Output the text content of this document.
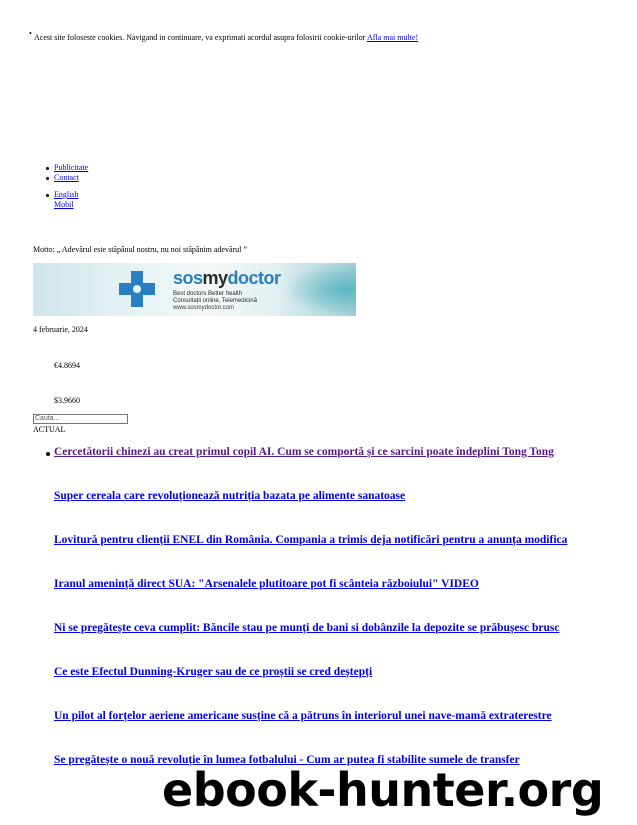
• Acest site foloseste cookies. Navigand in continuare, va exprimati acordul asupra folosirii cookie-urilor Afla mai multe!
Publicitate
Contact
English
Mobil
Motto: „ Adevărul este stăpânul nostru, nu noi stăpânim adevărul ”
sosmydoctor
Best doctors Better health
Consultații online, Telemedicină
www.sosmydoctor.com
4 februarie, 2024
€4.8694
$3.9660
Cauta...
ACTUAL
Cercetătorii chinezi au creat primul copil AI. Cum se comportă și ce sarcini poate îndeplini Tong Tong
Super cereala care revoluționează nutriția bazata pe alimente sanatoase
Lovitură pentru clienții ENEL din România. Compania a trimis deja notificări pentru a anunța modifica
Iranul amenință direct SUA: "Arsenalele plutitoare pot fi scânteia războiului" VIDEO
Ni se pregătește ceva cumplit: Băncile stau pe munți de bani si dobânzile la depozite se prăbușesc brusc
Ce este Efectul Dunning-Kruger sau de ce proștii se cred deștepți
Un pilot al forțelor aeriene americane susține că a pătruns în interiorul unei nave-mamă extraterestre
Se pregătește o nouă revoluție în lumea fotbalului - Cum ar putea fi stabilite sumele de transfer
ebook-hunter.org
